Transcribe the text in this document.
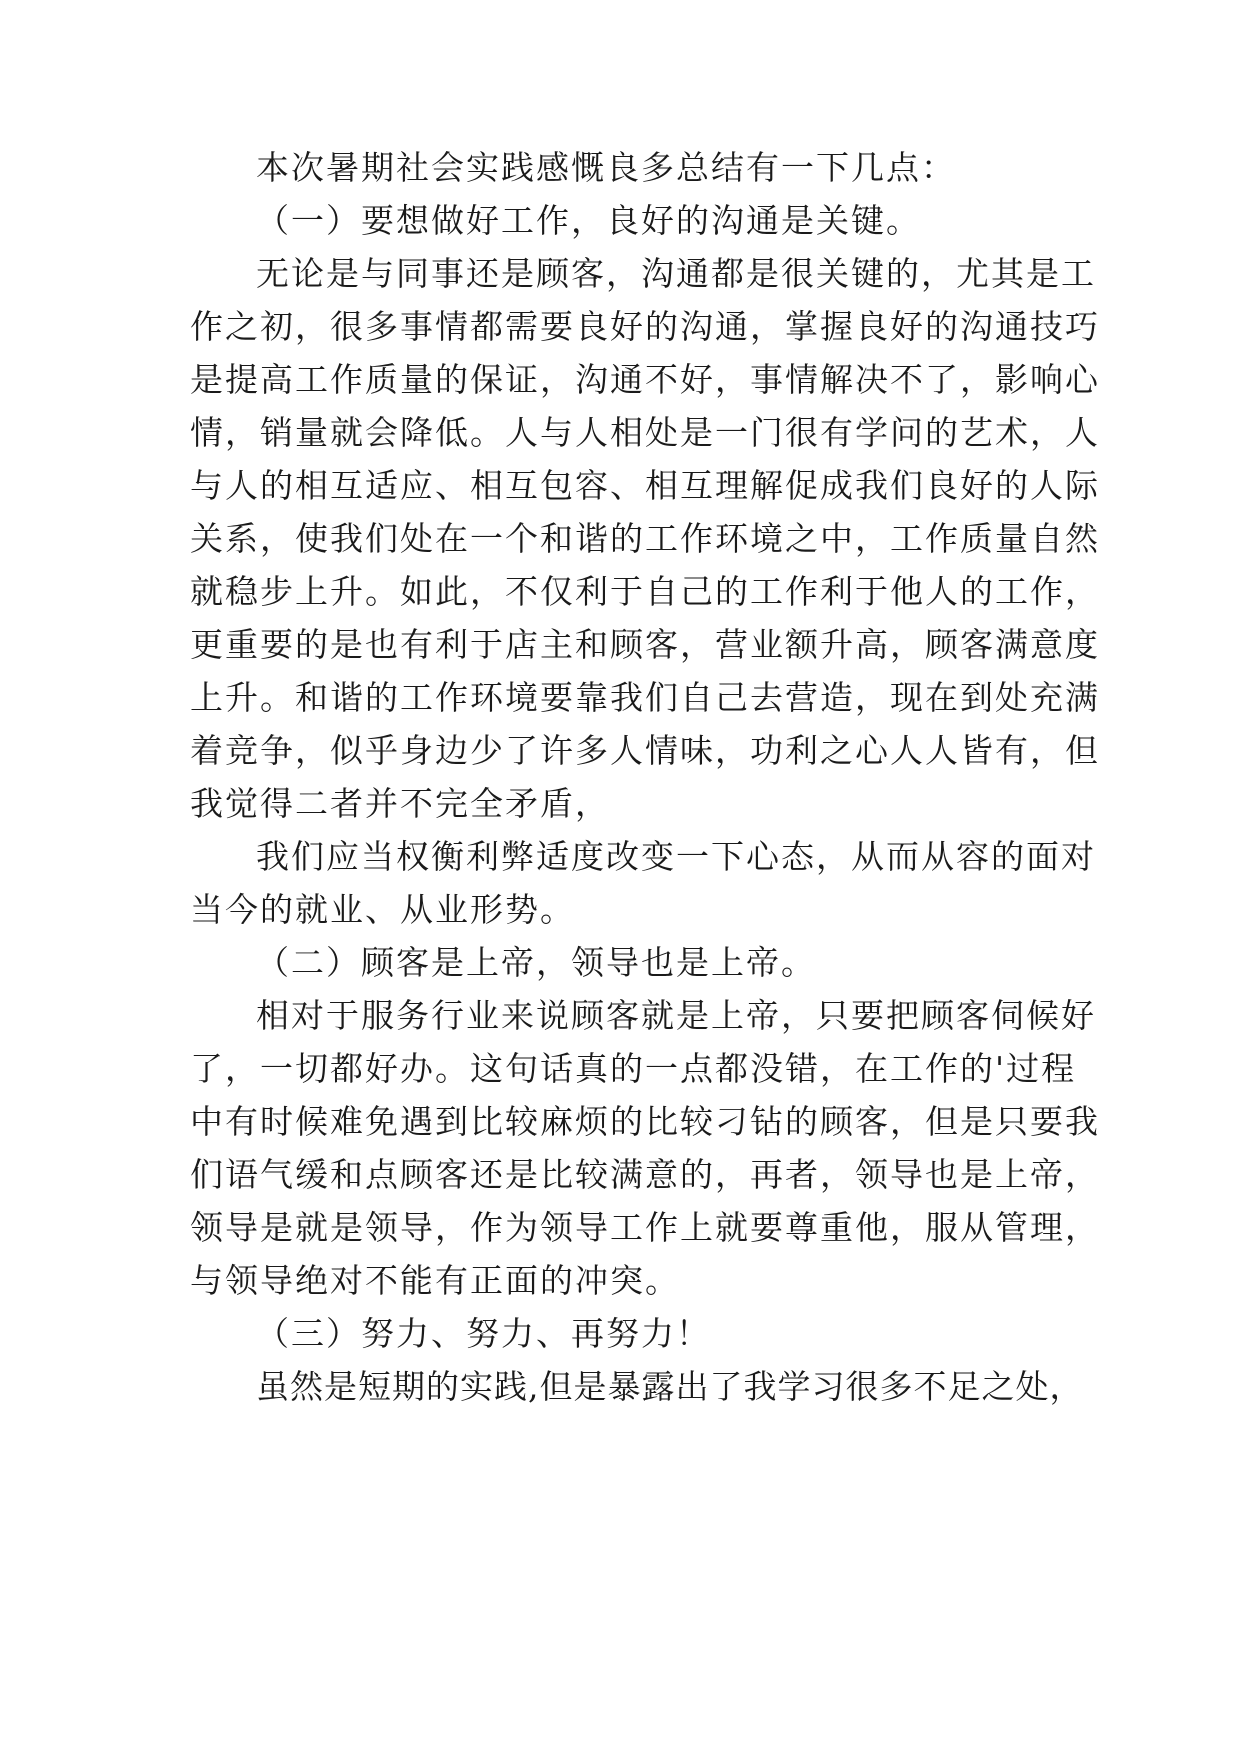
本次暑期社会实践感慨良多总结有一下几点：
（一）要想做好工作，良好的沟通是关键。
无论是与同事还是顾客，沟通都是很关键的，尤其是工
作之初，很多事情都需要良好的沟通，掌握良好的沟通技巧
是提高工作质量的保证，沟通不好，事情解决不了，影响心
情，销量就会降低。人与人相处是一门很有学问的艺术，人
与人的相互适应、相互包容、相互理解促成我们良好的人际
关系，使我们处在一个和谐的工作环境之中，工作质量自然
就稳步上升。如此，不仅利于自己的工作利于他人的工作，
更重要的是也有利于店主和顾客，营业额升高，顾客满意度
上升。和谐的工作环境要靠我们自己去营造，现在到处充满
着竞争，似乎身边少了许多人情味，功利之心人人皆有，但
我觉得二者并不完全矛盾，
我们应当权衡利弊适度改变一下心态，从而从容的面对
当今的就业、从业形势。
（二）顾客是上帝，领导也是上帝。
相对于服务行业来说顾客就是上帝，只要把顾客伺候好
了，一切都好办。这句话真的一点都没错，在工作的'过程
中有时候难免遇到比较麻烦的比较刁钻的顾客，但是只要我
们语气缓和点顾客还是比较满意的，再者，领导也是上帝，
领导是就是领导，作为领导工作上就要尊重他，服从管理，
与领导绝对不能有正面的冲突。
（三）努力、努力、再努力！
虽然是短期的实践,但是暴露出了我学习很多不足之处，
